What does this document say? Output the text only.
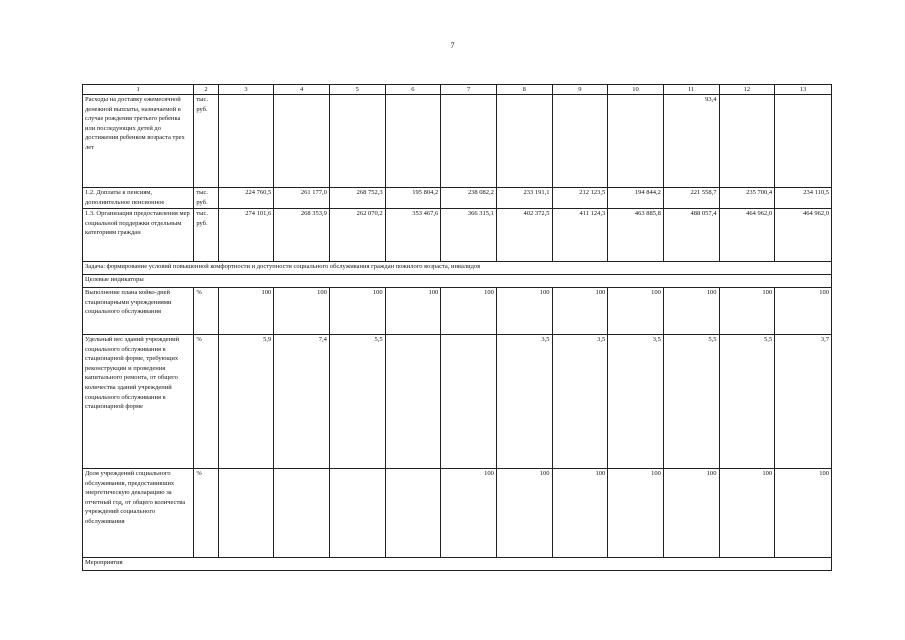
7
1	2	3	4	5	6	7	8	9	10	11	12	13
Расходы на доставку ежемесячной денежной выплаты, назначаемой в случае рождения третьего ребенка или последующих детей до достижения ребенком возраста трех лет	тыс. руб.									93,4		
1.2. Доплаты к пенсиям, дополнительное пенсионное	тыс. руб.	224 760,5	261 177,0	268 752,3	195 804,2	238 082,2	233 191,1	212 123,5	194 844,2	221 558,7	235 700,4	234 110,5
1.3. Организация предоставления мер социальной поддержки отдельным категориям граждан	тыс. руб.	274 101,6	268 353,9	262 070,2	353 467,6	366 315,1	402 372,5	411 124,3	463 885,8	488 057,4	464 962,0	464 962,0
Задача: формирование условий повышенной комфортности и доступности социального обслуживания граждан пожилого возраста, инвалидов												
Целевые индикаторы												
Выполнение плана койко-дней стационарными учреждениями социального обслуживания	%	100	100	100	100	100	100	100	100	100	100	100
Удельный вес зданий учреждений социального обслуживания в стационарной форме, требующих реконструкции и проведения капитального ремонта, от общего количества зданий учреждений социального обслуживания в стационарной форме	%	5,9	7,4	5,5			3,5	3,5	3,5	5,5	5,5	3,7
Доля учреждений социального обслуживания, предоставивших энергетическую декларацию за отчетный год, от общего количества учреждений социального обслуживания	%					100	100	100	100	100	100	100
Мероприятия												
